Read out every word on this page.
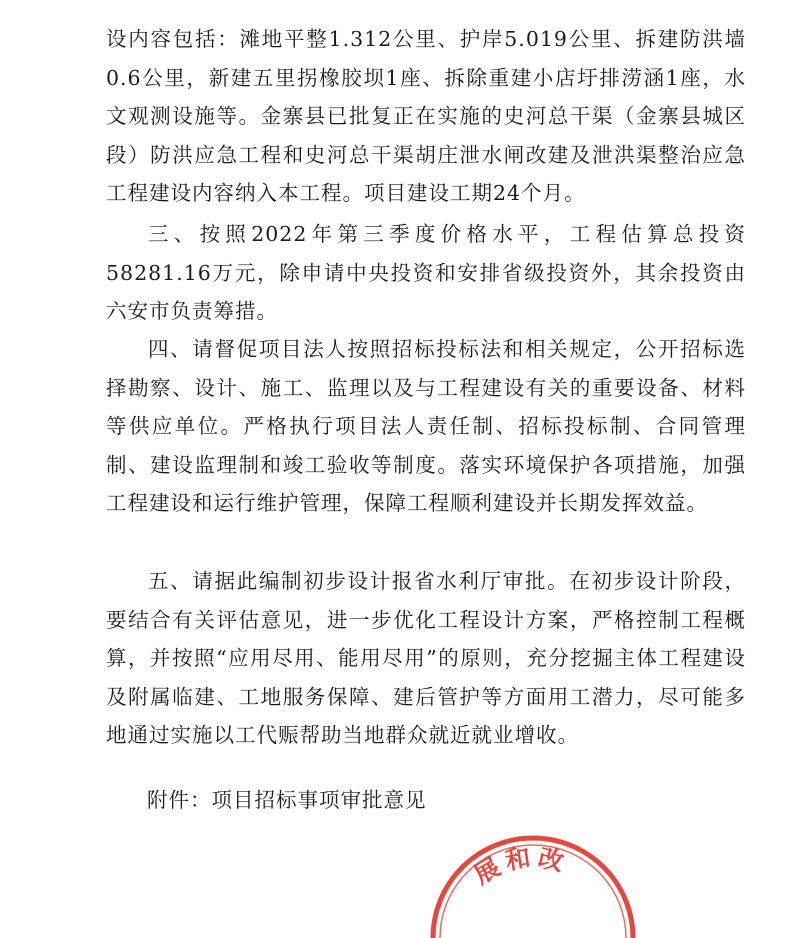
设内容包括：滩地平整1.312公里、护岸5.019公里、拆建防洪墙0.6公里，新建五里拐橡胶坝1座、拆除重建小店圩排涝涵1座，水文观测设施等。金寨县已批复正在实施的史河总干渠（金寨县城区段）防洪应急工程和史河总干渠胡庄泄水闸改建及泄洪渠整治应急工程建设内容纳入本工程。项目建设工期24个月。

三、按照2022年第三季度价格水平，工程估算总投资58281.16万元，除申请中央投资和安排省级投资外，其余投资由六安市负责筹措。

四、请督促项目法人按照招标投标法和相关规定，公开招标选择勘察、设计、施工、监理以及与工程建设有关的重要设备、材料等供应单位。严格执行项目法人责任制、招标投标制、合同管理制、建设监理制和竣工验收等制度。落实环境保护各项措施，加强工程建设和运行维护管理，保障工程顺利建设并长期发挥效益。

五、请据此编制初步设计报省水利厅审批。在初步设计阶段，要结合有关评估意见，进一步优化工程设计方案，严格控制工程概算，并按照“应用尽用、能用尽用”的原则，充分挖掘主体工程建设及附属临建、工地服务保障、建后管护等方面用工潜力，尽可能多地通过实施以工代赈帮助当地群众就近就业增收。

附件：项目招标事项审批意见

展和改
